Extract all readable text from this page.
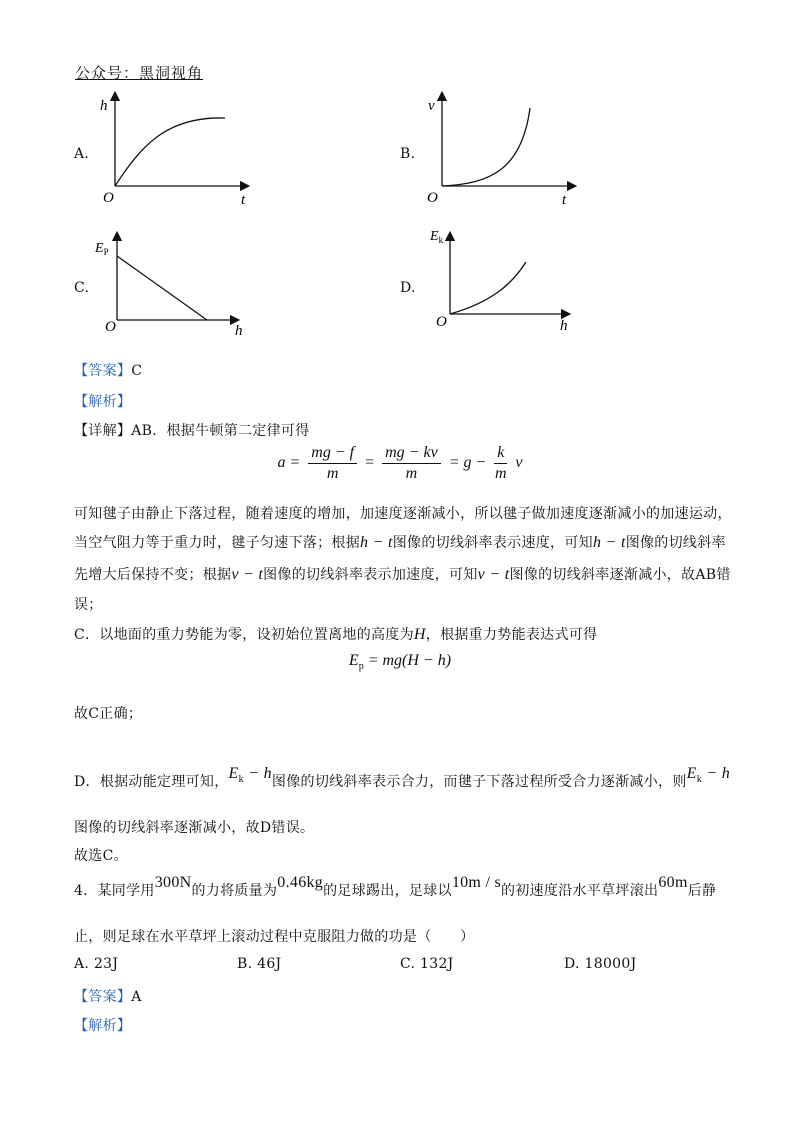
公众号：黑洞视角
A.
h
t
O
B.
v
t
O
C.
$E_P$
h
O
D.
$E_k$
h
O
【答案】C
【解析】
【详解】AB．根据牛顿第二定律可得
$a = \frac{mg - f}{m} = \frac{mg - kv}{m} = g - \frac{k}{m}$ v
可知毽子由静止下落过程，随着速度的增加，加速度逐渐减小，所以毽子做加速度逐渐减小的加速运动，
当空气阻力等于重力时，毽子匀速下落；根据h − t图像的切线斜率表示速度，可知h − t图像的切线斜率
先增大后保持不变；根据v − t图像的切线斜率表示加速度，可知v − t图像的切线斜率逐渐减小，故AB错
误；
C．以地面的重力势能为零，设初始位置离地的高度为H，根据重力势能表达式可得
$E_p = mg(H - h)$
故C正确；
D．根据动能定理可知，$E_k - h$图像的切线斜率表示合力，而毽子下落过程所受合力逐渐减小，则$E_k - h$
图像的切线斜率逐渐减小，故D错误。
故选C。
4．某同学用300N的力将质量为0.46kg的足球踢出，足球以10m / s的初速度沿水平草坪滚出60m后静
止，则足球在水平草坪上滚动过程中克服阻力做的功是（　　）
A. 23J	B. 46J	C. 132J	D. 18000J
【答案】A
【解析】
